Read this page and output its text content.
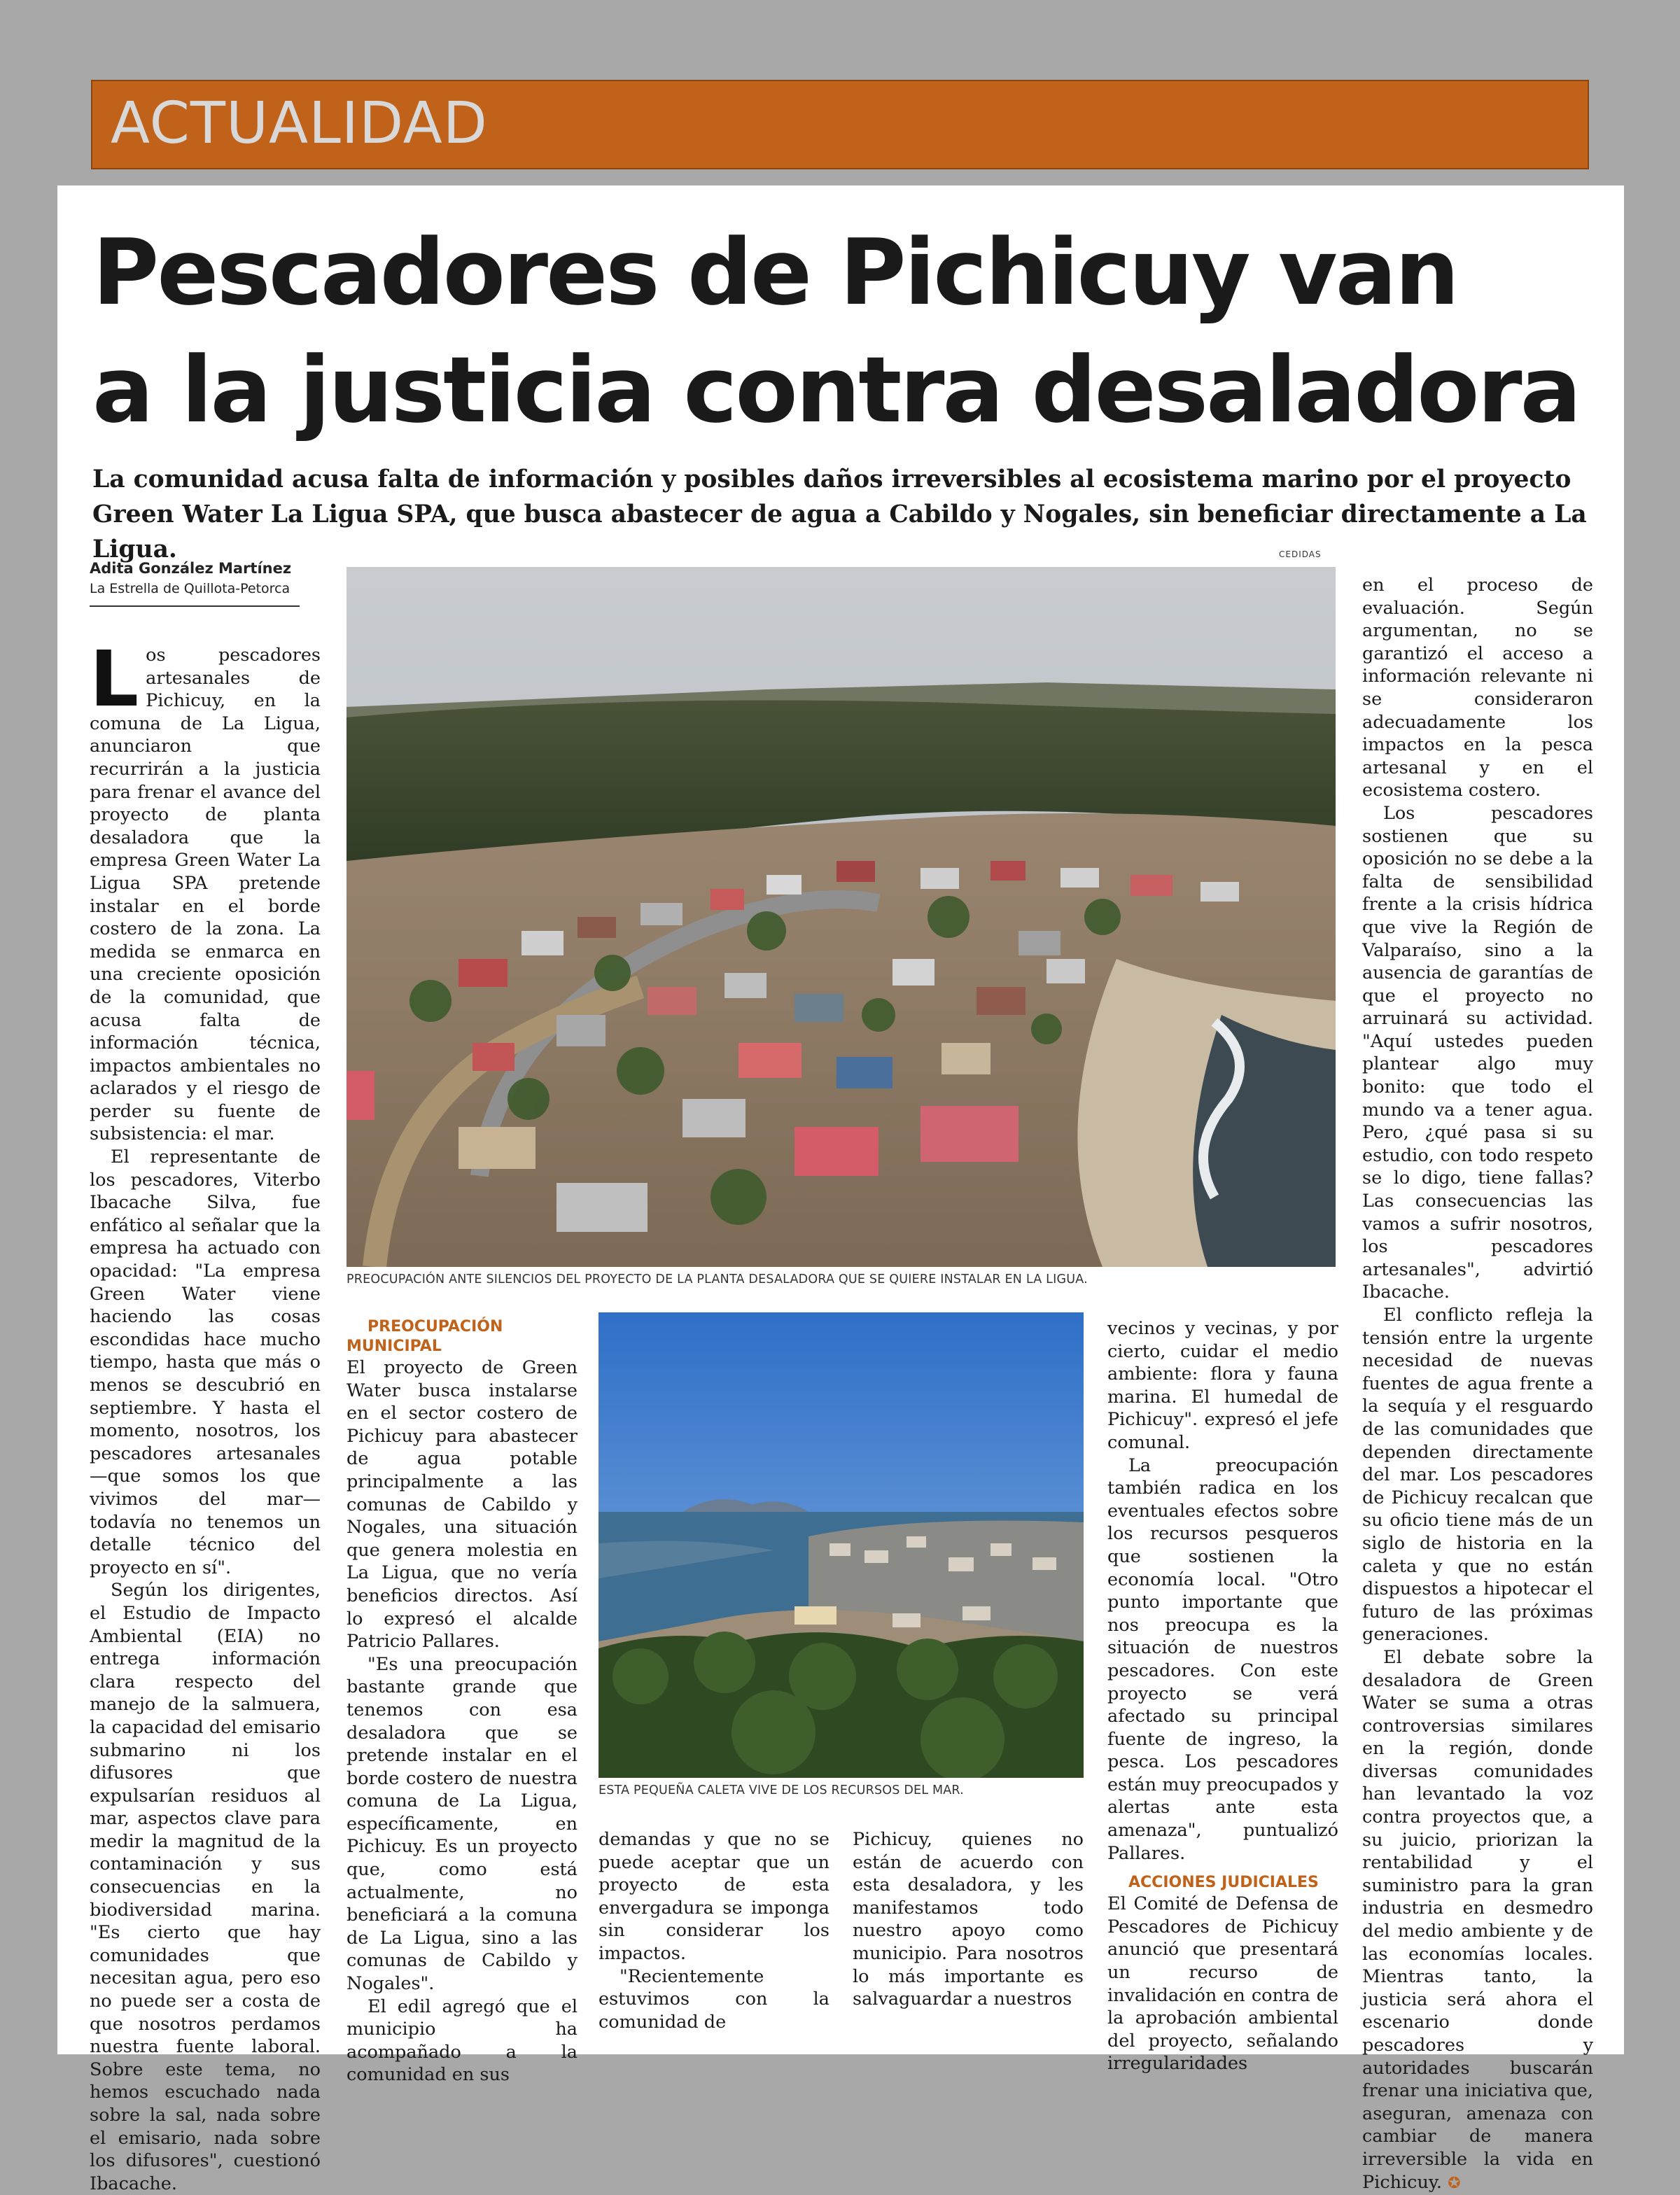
ACTUALIDAD
Pescadores de Pichicuy van
a la justicia contra desaladora
La comunidad acusa falta de información y posibles daños irreversibles al ecosistema marino por el proyecto Green Water La Ligua SPA, que busca abastecer de agua a Cabildo y Nogales, sin beneficiar directamente a La Ligua.
Adita González Martínez
La Estrella de Quillota-Petorca
CEDIDAS

Los pescadores artesanales de Pichicuy, en la comuna de La Ligua, anunciaron que recurrirán a la justicia para frenar el avance del proyecto de planta desaladora que la empresa Green Water La Ligua SPA pretende instalar en el borde costero de la zona. La medida se enmarca en una creciente oposición de la comunidad, que acusa falta de información técnica, impactos ambientales no aclarados y el riesgo de perder su fuente de subsistencia: el mar.

El representante de los pescadores, Viterbo Ibacache Silva, fue enfático al señalar que la empresa ha actuado con opacidad: "La empresa Green Water viene haciendo las cosas escondidas hace mucho tiempo, hasta que más o menos se descubrió en septiembre. Y hasta el momento, nosotros, los pescadores artesanales —que somos los que vivimos del mar— todavía no tenemos un detalle técnico del proyecto en sí".

Según los dirigentes, el Estudio de Impacto Ambiental (EIA) no entrega información clara respecto del manejo de la salmuera, la capacidad del emisario submarino ni los difusores que expulsarían residuos al mar, aspectos clave para medir la magnitud de la contaminación y sus consecuencias en la biodiversidad marina. "Es cierto que hay comunidades que necesitan agua, pero eso no puede ser a costa de que nosotros perdamos nuestra fuente laboral. Sobre este tema, no hemos escuchado nada sobre la sal, nada sobre el emisario, nada sobre los difusores", cuestionó Ibacache.

PREOCUPACIÓN ANTE SILENCIOS DEL PROYECTO DE LA PLANTA DESALADORA QUE SE QUIERE INSTALAR EN LA LIGUA.

PREOCUPACIÓN MUNICIPAL

El proyecto de Green Water busca instalarse en el sector costero de Pichicuy para abastecer de agua potable principalmente a las comunas de Cabildo y Nogales, una situación que genera molestia en La Ligua, que no vería beneficios directos. Así lo expresó el alcalde Patricio Pallares.

"Es una preocupación bastante grande que tenemos con esa desaladora que se pretende instalar en el borde costero de nuestra comuna de La Ligua, específicamente, en Pichicuy. Es un proyecto que, como está actualmente, no beneficiará a la comuna de La Ligua, sino a las comunas de Cabildo y Nogales".

El edil agregó que el municipio ha acompañado a la comunidad en sus

ESTA PEQUEÑA CALETA VIVE DE LOS RECURSOS DEL MAR.

demandas y que no se puede aceptar que un proyecto de esta envergadura se imponga sin considerar los impactos.

"Recientemente estuvimos con la comunidad de

Pichicuy, quienes no están de acuerdo con esta desaladora, y les manifestamos todo nuestro apoyo como municipio. Para nosotros lo más importante es salvaguardar a nuestros

vecinos y vecinas, y por cierto, cuidar el medio ambiente: flora y fauna marina. El humedal de Pichicuy". expresó el jefe comunal.

La preocupación también radica en los eventuales efectos sobre los recursos pesqueros que sostienen la economía local. "Otro punto importante que nos preocupa es la situación de nuestros pescadores. Con este proyecto se verá afectado su principal fuente de ingreso, la pesca. Los pescadores están muy preocupados y alertas ante esta amenaza", puntualizó Pallares.

ACCIONES JUDICIALES

El Comité de Defensa de Pescadores de Pichicuy anunció que presentará un recurso de invalidación en contra de la aprobación ambiental del proyecto, señalando irregularidades

en el proceso de evaluación. Según argumentan, no se garantizó el acceso a información relevante ni se consideraron adecuadamente los impactos en la pesca artesanal y en el ecosistema costero.

Los pescadores sostienen que su oposición no se debe a la falta de sensibilidad frente a la crisis hídrica que vive la Región de Valparaíso, sino a la ausencia de garantías de que el proyecto no arruinará su actividad. "Aquí ustedes pueden plantear algo muy bonito: que todo el mundo va a tener agua. Pero, ¿qué pasa si su estudio, con todo respeto se lo digo, tiene fallas? Las consecuencias las vamos a sufrir nosotros, los pescadores artesanales", advirtió Ibacache.

El conflicto refleja la tensión entre la urgente necesidad de nuevas fuentes de agua frente a la sequía y el resguardo de las comunidades que dependen directamente del mar. Los pescadores de Pichicuy recalcan que su oficio tiene más de un siglo de historia en la caleta y que no están dispuestos a hipotecar el futuro de las próximas generaciones.

El debate sobre la desaladora de Green Water se suma a otras controversias similares en la región, donde diversas comunidades han levantado la voz contra proyectos que, a su juicio, priorizan la rentabilidad y el suministro para la gran industria en desmedro del medio ambiente y de las economías locales. Mientras tanto, la justicia será ahora el escenario donde pescadores y autoridades buscarán frenar una iniciativa que, aseguran, amenaza con cambiar de manera irreversible la vida en Pichicuy. ✪
